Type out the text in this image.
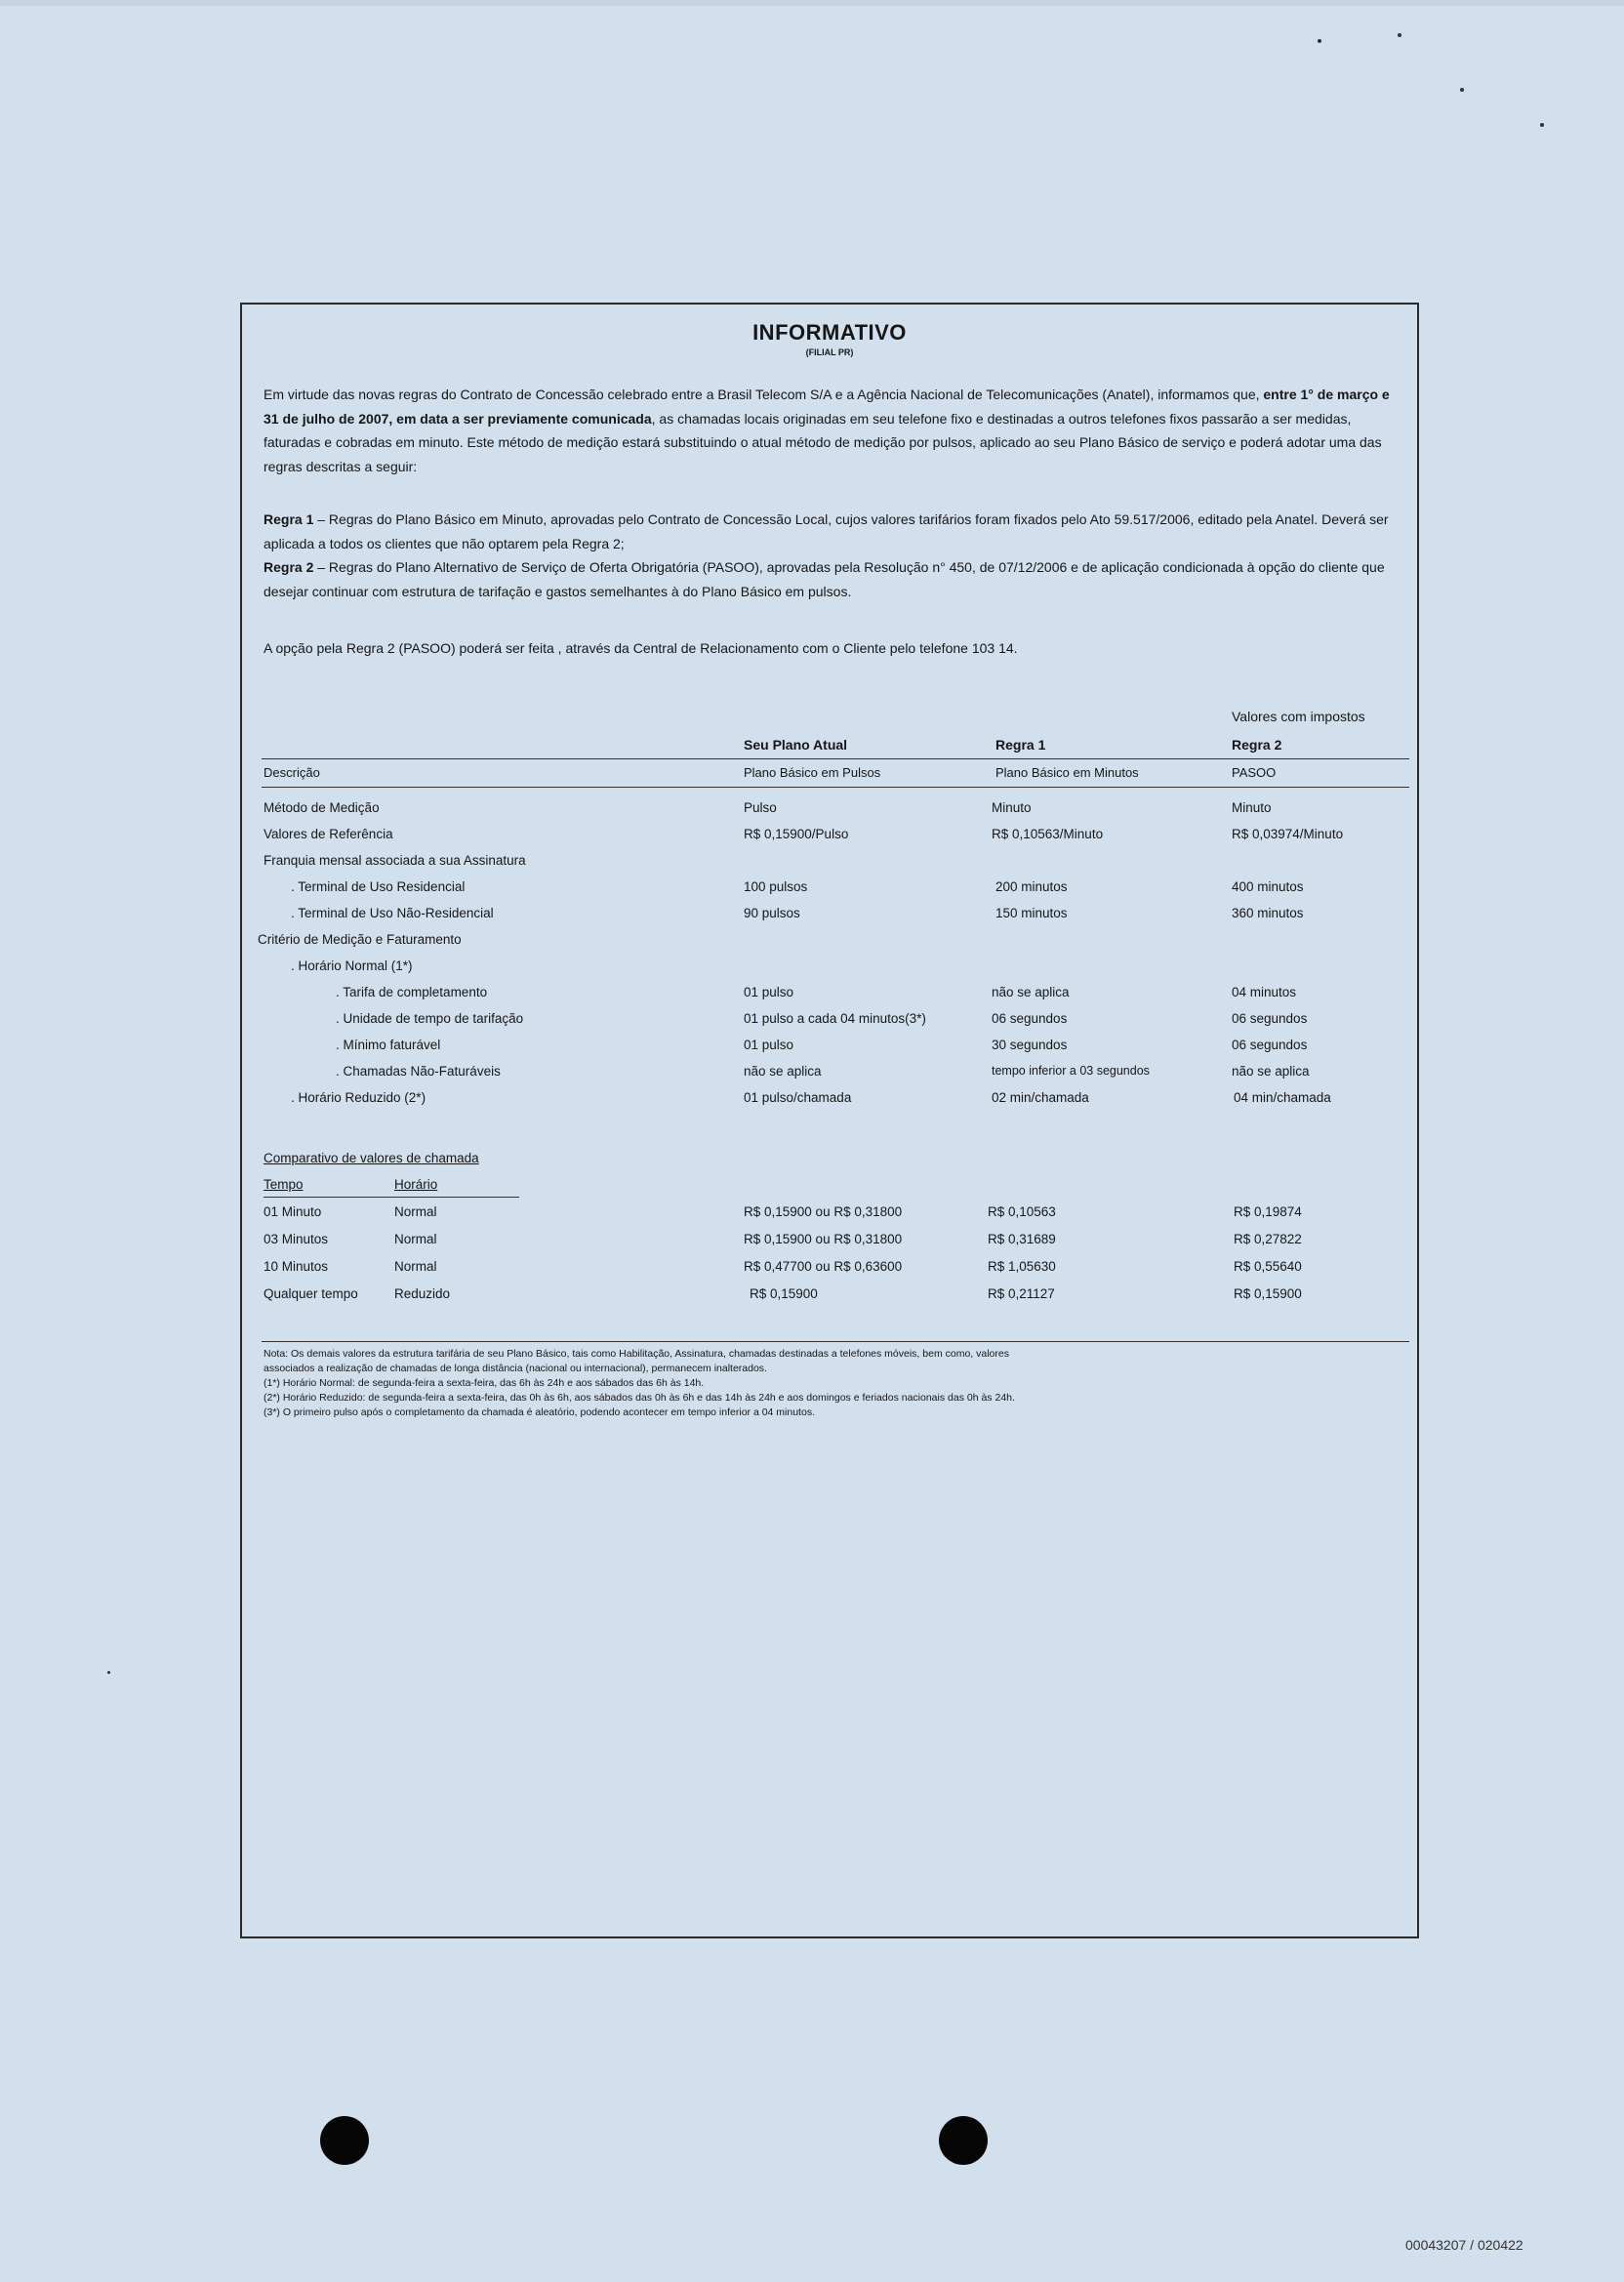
INFORMATIVO
(FILIAL PR)
Em virtude das novas regras do Contrato de Concessão celebrado entre a Brasil Telecom S/A e a Agência Nacional de Telecomunicações (Anatel), informamos que, entre 1° de março e 31 de julho de 2007, em data a ser previamente comunicada, as chamadas locais originadas em seu telefone fixo e destinadas a outros telefones fixos passarão a ser medidas, faturadas e cobradas em minuto. Este método de medição estará substituindo o atual método de medição por pulsos, aplicado ao seu Plano Básico de serviço e poderá adotar uma das regras descritas a seguir:
Regra 1 – Regras do Plano Básico em Minuto, aprovadas pelo Contrato de Concessão Local, cujos valores tarifários foram fixados pelo Ato 59.517/2006, editado pela Anatel. Deverá ser aplicada a todos os clientes que não optarem pela Regra 2;
Regra 2 – Regras do Plano Alternativo de Serviço de Oferta Obrigatória (PASOO), aprovadas pela Resolução n° 450, de 07/12/2006 e de aplicação condicionada à opção do cliente que desejar continuar com estrutura de tarifação e gastos semelhantes à do Plano Básico em pulsos.
A opção pela Regra 2 (PASOO) poderá ser feita , através da Central de Relacionamento com o Cliente pelo telefone 103 14.
Valores com impostos
Seu Plano Atual	Regra 1	Regra 2
Descrição	Plano Básico em Pulsos	Plano Básico em Minutos	PASOO
Método de Medição	Pulso	Minuto	Minuto
Valores de Referência	R$ 0,15900/Pulso	R$ 0,10563/Minuto	R$ 0,03974/Minuto
Franquia mensal associada a sua Assinatura
. Terminal de Uso Residencial	100 pulsos	200 minutos	400 minutos
. Terminal de Uso Não-Residencial	90 pulsos	150 minutos	360 minutos
Critério de Medição e Faturamento
. Horário Normal (1*)
. Tarifa de completamento	01 pulso	não se aplica	04 minutos
. Unidade de tempo de tarifação	01 pulso a cada 04 minutos(3*)	06 segundos	06 segundos
. Mínimo faturável	01 pulso	30 segundos	06 segundos
. Chamadas Não-Faturáveis	não se aplica	tempo inferior a 03 segundos	não se aplica
. Horário Reduzido (2*)	01 pulso/chamada	02 min/chamada	04 min/chamada
Comparativo de valores de chamada
Tempo	Horário
01 Minuto	Normal	R$ 0,15900 ou R$ 0,31800	R$ 0,10563	R$ 0,19874
03 Minutos	Normal	R$ 0,15900 ou R$ 0,31800	R$ 0,31689	R$ 0,27822
10 Minutos	Normal	R$ 0,47700 ou R$ 0,63600	R$ 1,05630	R$ 0,55640
Qualquer tempo	Reduzido	R$ 0,15900	R$ 0,21127	R$ 0,15900
Nota: Os demais valores da estrutura tarifária de seu Plano Básico, tais como Habilitação, Assinatura, chamadas destinadas a telefones móveis, bem como, valores
associados a realização de chamadas de longa distância (nacional ou internacional), permanecem inalterados.
(1*) Horário Normal: de segunda-feira a sexta-feira, das 6h às 24h e aos sábados das 6h às 14h.
(2*) Horário Reduzido: de segunda-feira a sexta-feira, das 0h às 6h, aos sábados das 0h às 6h e das 14h às 24h e aos domingos e feriados nacionais das 0h às 24h.
(3*) O primeiro pulso após o completamento da chamada é aleatório, podendo acontecer em tempo inferior a 04 minutos.
00043207 / 020422
